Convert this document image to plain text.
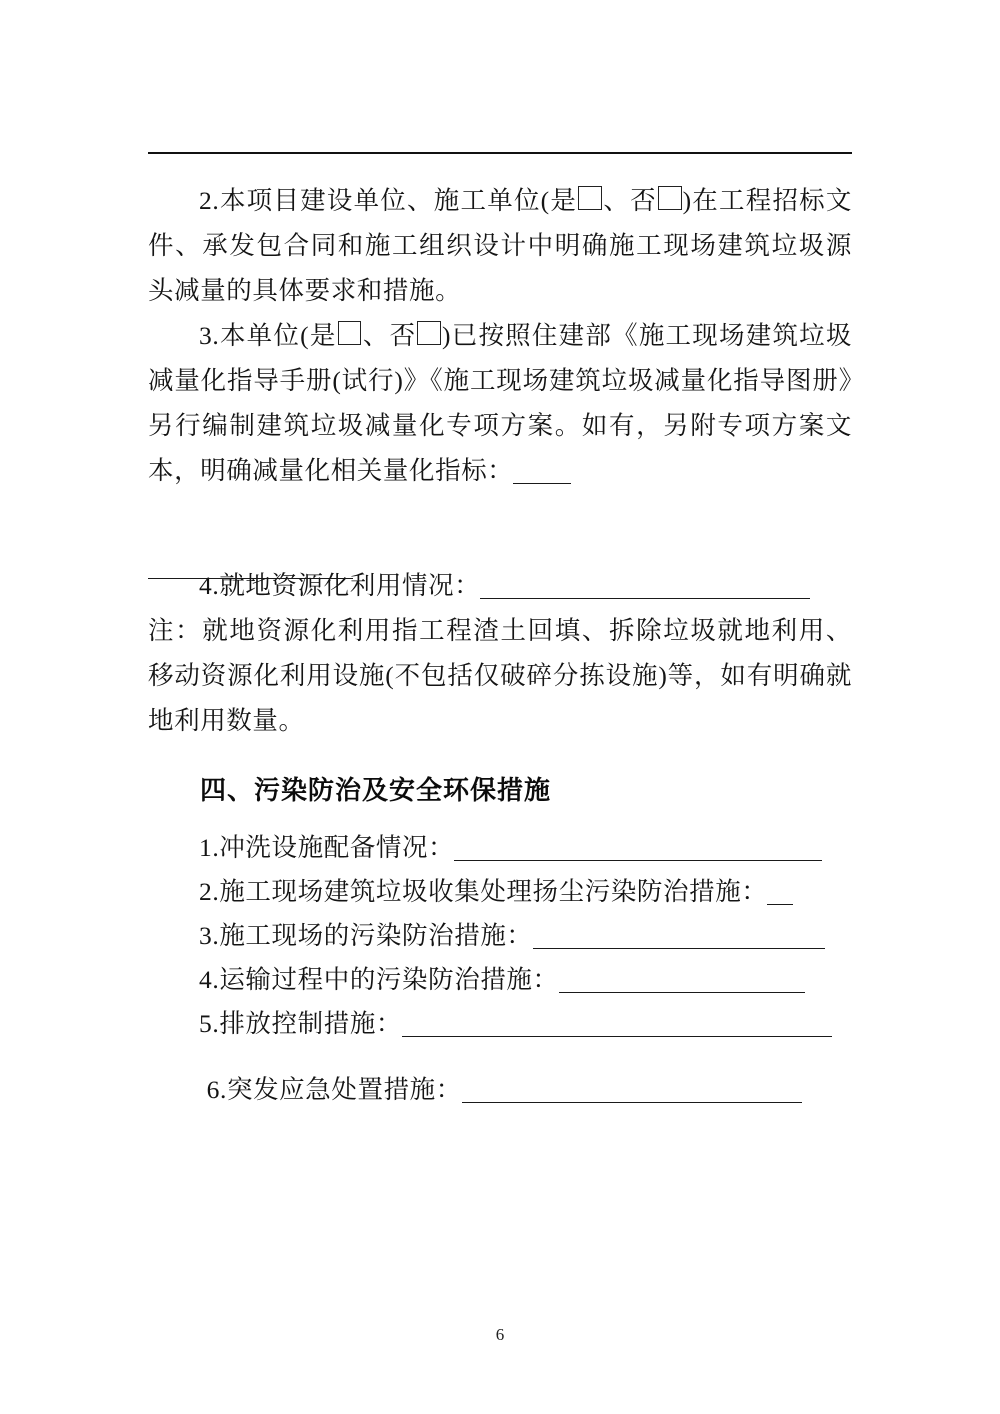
2.本项目建设单位、施工单位(是 、否 )在工程招标文件、承发包合同和施工组织设计中明确施工现场建筑垃圾源头减量的具体要求和措施。

3.本单位(是 、否 )已按照住建部《施工现场建筑垃圾减量化指导手册(试行)》《施工现场建筑垃圾减量化指导图册》另行编制建筑垃圾减量化专项方案。如有，另附专项方案文本，明确减量化相关量化指标：

4.就地资源化利用情况：

注：就地资源化利用指工程渣土回填、拆除垃圾就地利用、移动资源化利用设施(不包括仅破碎分拣设施)等，如有明确就地利用数量。

四、污染防治及安全环保措施

1.冲洗设施配备情况：

2.施工现场建筑垃圾收集处理扬尘污染防治措施：

3.施工现场的污染防治措施：

4.运输过程中的污染防治措施：

5.排放控制措施：

6.突发应急处置措施：

6
